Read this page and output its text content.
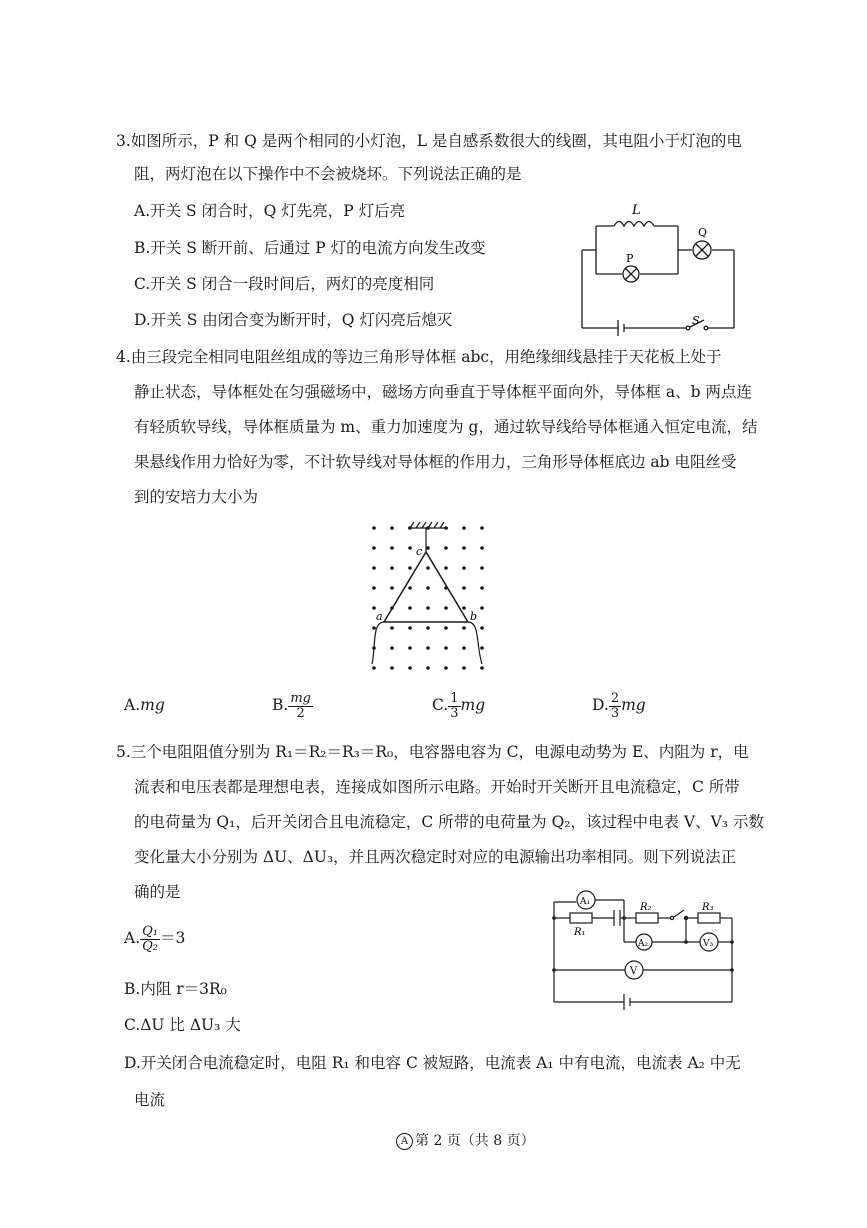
3.如图所示，P 和 Q 是两个相同的小灯泡，L 是自感系数很大的线圈，其电阻小于灯泡的电
阻，两灯泡在以下操作中不会被烧坏。下列说法正确的是
A.开关 S 闭合时，Q 灯先亮，P 灯后亮
B.开关 S 断开前、后通过 P 灯的电流方向发生改变
C.开关 S 闭合一段时间后，两灯的亮度相同
D.开关 S 由闭合变为断开时，Q 灯闪亮后熄灭
L
P
Q
S
4.由三段完全相同电阻丝组成的等边三角形导体框 abc，用绝缘细线悬挂于天花板上处于
静止状态，导体框处在匀强磁场中，磁场方向垂直于导体框平面向外，导体框 a、b 两点连
有轻质软导线，导体框质量为 m、重力加速度为 g，通过软导线给导体框通入恒定电流，结
果悬线作用力恰好为零，不计软导线对导体框的作用力，三角形导体框底边 ab 电阻丝受
到的安培力大小为
c
a	b
A.mg	B. $\frac{mg}{2}$	C. $\frac{1}{3}$ mg	D. $\frac{2}{3}$ mg
5.三个电阻阻值分别为 R₁＝R₂＝R₃＝R₀，电容器电容为 C，电源电动势为 E、内阻为 r，电
流表和电压表都是理想电表，连接成如图所示电路。开始时开关断开且电流稳定，C 所带
的电荷量为 Q₁，后开关闭合且电流稳定，C 所带的电荷量为 Q₂，该过程中电表 V、V₃ 示数
变化量大小分别为 ΔU、ΔU₃，并且两次稳定时对应的电源输出功率相同。则下列说法正
确的是
A. $\frac{\text{Q₁}}{\text{Q₂}} =3$
B.内阻 r＝3R₀
C.ΔU 比 ΔU₃ 大
D.开关闭合电流稳定时，电阻 R₁ 和电容 C 被短路，电流表 A₁ 中有电流，电流表 A₂ 中无
电流
A₁
A₂	V₃
V
R₁
R₂	R₃
A 第 2 页（共 8 页）
